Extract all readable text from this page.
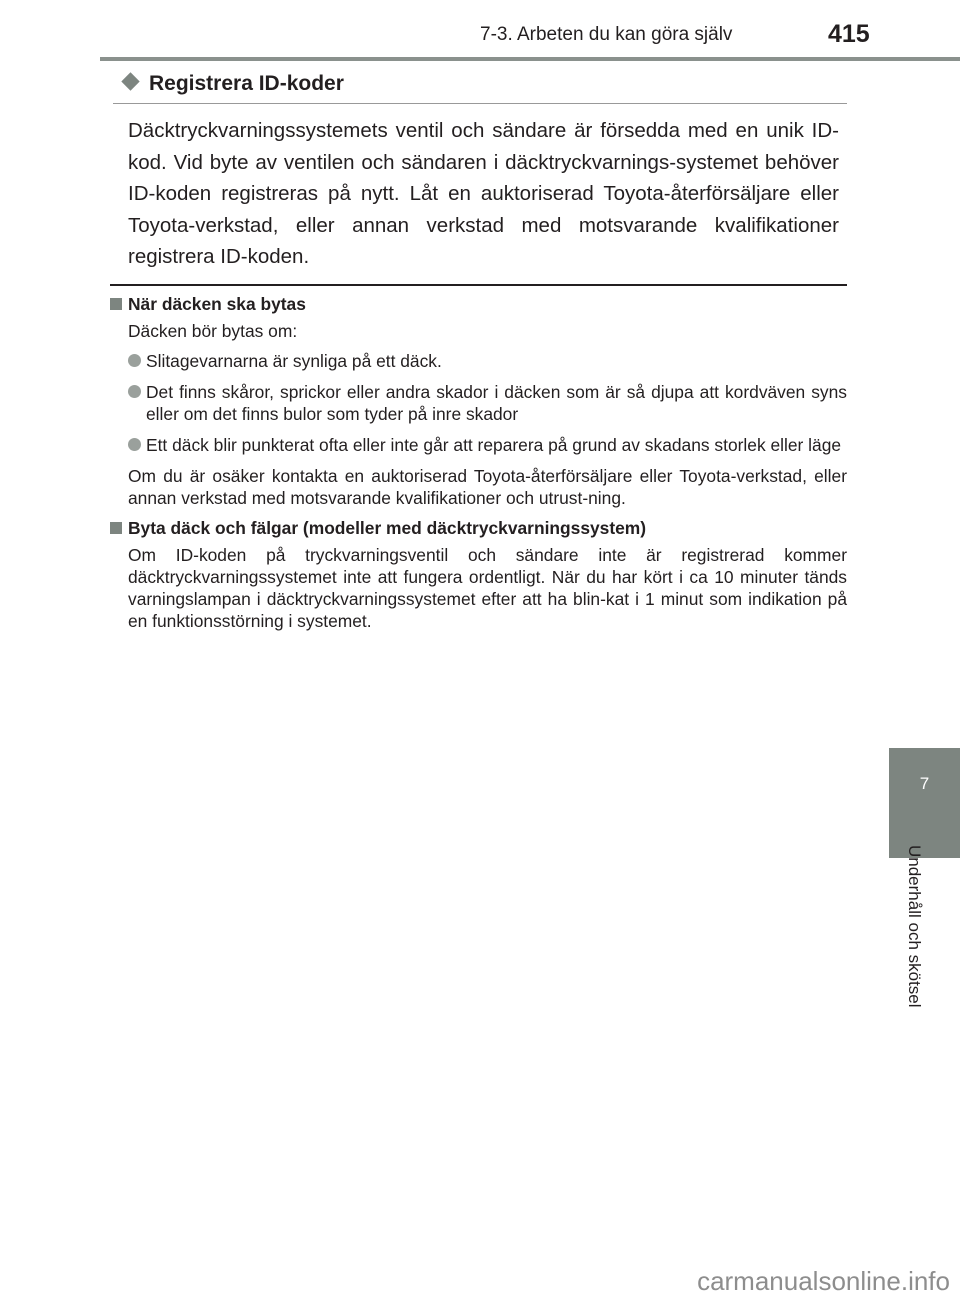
7-3. Arbeten du kan göra själv	415
Registrera ID-koder
Däcktryckvarningssystemets ventil och sändare är försedda med en unik ID-kod. Vid byte av ventilen och sändaren i däcktryckvarnings-systemet behöver ID-koden registreras på nytt. Låt en auktoriserad Toyota-återförsäljare eller Toyota-verkstad, eller annan verkstad med motsvarande kvalifikationer registrera ID-koden.
När däcken ska bytas
Däcken bör bytas om:
Slitagevarnarna är synliga på ett däck.
Det finns skåror, sprickor eller andra skador i däcken som är så djupa att kordväven syns eller om det finns bulor som tyder på inre skador
Ett däck blir punkterat ofta eller inte går att reparera på grund av skadans storlek eller läge
Om du är osäker kontakta en auktoriserad Toyota-återförsäljare eller Toyota-verkstad, eller annan verkstad med motsvarande kvalifikationer och utrust-ning.
Byta däck och fälgar (modeller med däcktryckvarningssystem)
Om ID-koden på tryckvarningsventil och sändare inte är registrerad kommer däcktryckvarningssystemet inte att fungera ordentligt. När du har kört i ca 10 minuter tänds varningslampan i däcktryckvarningssystemet efter att ha blin-kat i 1 minut som indikation på en funktionsstörning i systemet.
7
Underhåll och skötsel
carmanualsonline.info
